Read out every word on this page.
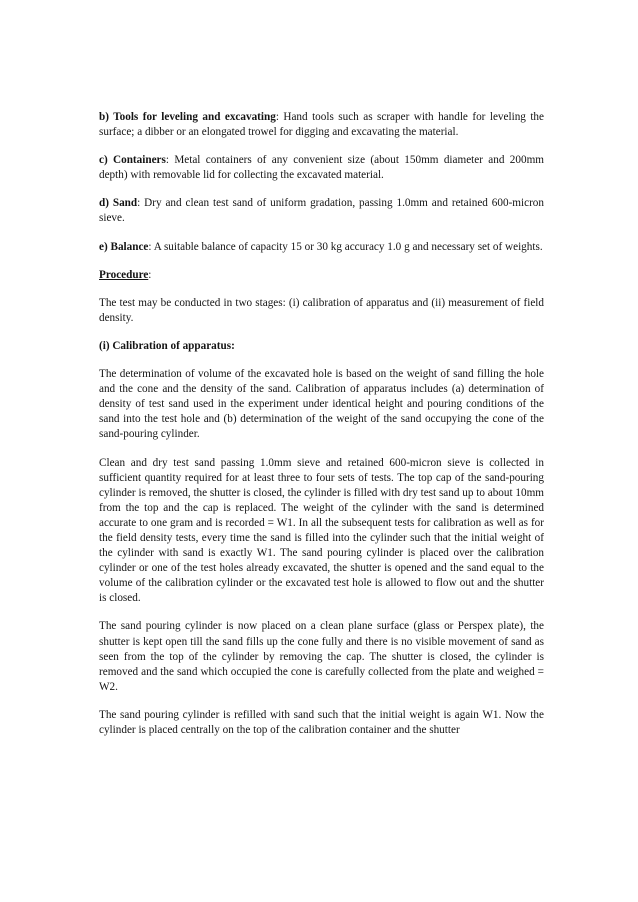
b) Tools for leveling and excavating: Hand tools such as scraper with handle for leveling the surface; a dibber or an elongated trowel for digging and excavating the material.

c) Containers: Metal containers of any convenient size (about 150mm diameter and 200mm depth) with removable lid for collecting the excavated material.

d) Sand: Dry and clean test sand of uniform gradation, passing 1.0mm and retained 600-micron sieve.

e) Balance: A suitable balance of capacity 15 or 30 kg accuracy 1.0 g and necessary set of weights.

Procedure:

The test may be conducted in two stages: (i) calibration of apparatus and (ii) measurement of field density.

(i) Calibration of apparatus:

The determination of volume of the excavated hole is based on the weight of sand filling the hole and the cone and the density of the sand. Calibration of apparatus includes (a) determination of density of test sand used in the experiment under identical height and pouring conditions of the sand into the test hole and (b) determination of the weight of the sand occupying the cone of the sand-pouring cylinder.

Clean and dry test sand passing 1.0mm sieve and retained 600-micron sieve is collected in sufficient quantity required for at least three to four sets of tests. The top cap of the sand-pouring cylinder is removed, the shutter is closed, the cylinder is filled with dry test sand up to about 10mm from the top and the cap is replaced. The weight of the cylinder with the sand is determined accurate to one gram and is recorded = W1. In all the subsequent tests for calibration as well as for the field density tests, every time the sand is filled into the cylinder such that the initial weight of the cylinder with sand is exactly W1. The sand pouring cylinder is placed over the calibration cylinder or one of the test holes already excavated, the shutter is opened and the sand equal to the volume of the calibration cylinder or the excavated test hole is allowed to flow out and the shutter is closed.

The sand pouring cylinder is now placed on a clean plane surface (glass or Perspex plate), the shutter is kept open till the sand fills up the cone fully and there is no visible movement of sand as seen from the top of the cylinder by removing the cap. The shutter is closed, the cylinder is removed and the sand which occupied the cone is carefully collected from the plate and weighed = W2.

The sand pouring cylinder is refilled with sand such that the initial weight is again W1. Now the cylinder is placed centrally on the top of the calibration container and the shutter
